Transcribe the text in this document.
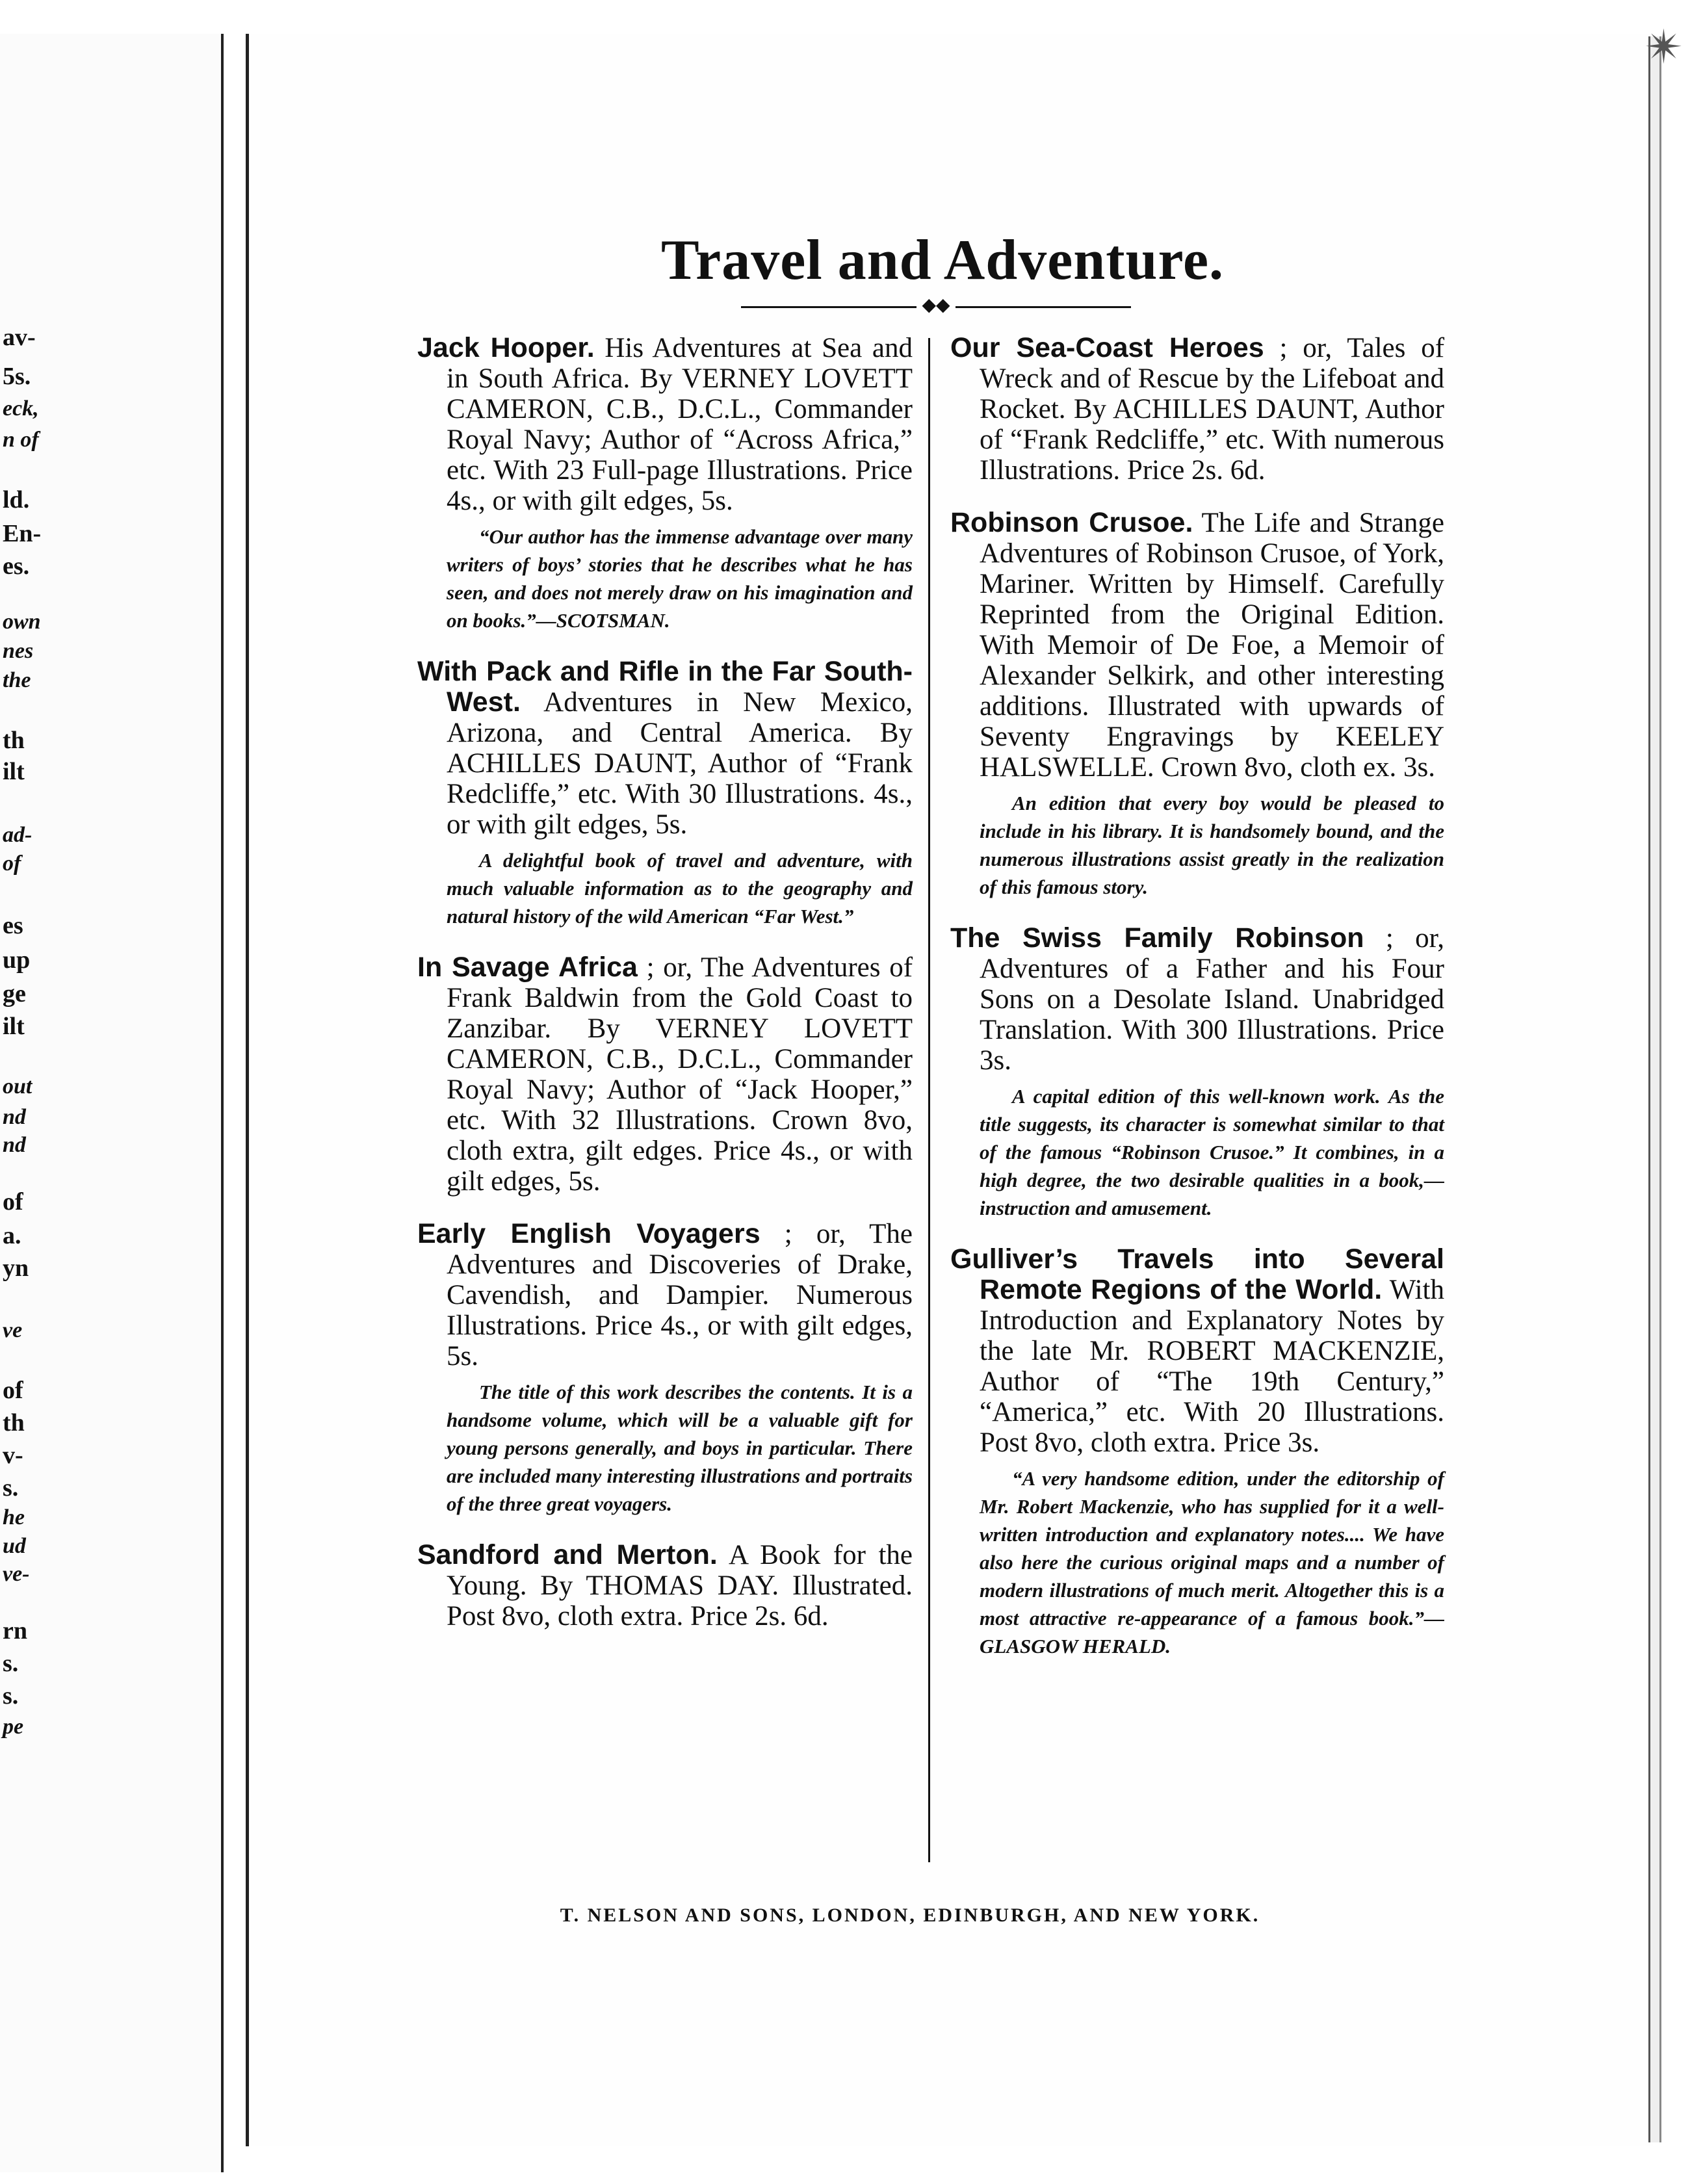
av-
5s.
eck,
n of
ld.
En-
es.
own
nes
the
th
ilt
ad-
of
es
up
ge
ilt
out
nd
nd
of
a.
yn
ve
of
th
v-
s.
he
ud
ve-
rn
s.
s.
pe
✴
Travel and Adventure.
◆◆
Jack Hooper. His Adventures at Sea and in South Africa. By VERNEY LOVETT CAMERON, C.B., D.C.L., Commander Royal Navy; Author of “Across Africa,” etc. With 23 Full-page Illustrations. Price 4s., or with gilt edges, 5s.
“Our author has the immense advantage over many writers of boys’ stories that he describes what he has seen, and does not merely draw on his imagination and on books.”—SCOTSMAN.
With Pack and Rifle in the Far South-West. Adventures in New Mexico, Arizona, and Central America. By ACHILLES DAUNT, Author of “Frank Redcliffe,” etc. With 30 Illustrations. 4s., or with gilt edges, 5s.
A delightful book of travel and adventure, with much valuable information as to the geography and natural history of the wild American “Far West.”
In Savage Africa ; or, The Adventures of Frank Baldwin from the Gold Coast to Zanzibar. By VERNEY LOVETT CAMERON, C.B., D.C.L., Commander Royal Navy; Author of “Jack Hooper,” etc. With 32 Illustrations. Crown 8vo, cloth extra, gilt edges. Price 4s., or with gilt edges, 5s.
Early English Voyagers ; or, The Adventures and Discoveries of Drake, Cavendish, and Dampier. Numerous Illustrations. Price 4s., or with gilt edges, 5s.
The title of this work describes the contents. It is a handsome volume, which will be a valuable gift for young persons generally, and boys in particular. There are included many interesting illustrations and portraits of the three great voyagers.
Sandford and Merton. A Book for the Young. By THOMAS DAY. Illustrated. Post 8vo, cloth extra. Price 2s. 6d.
Our Sea-Coast Heroes ; or, Tales of Wreck and of Rescue by the Lifeboat and Rocket. By ACHILLES DAUNT, Author of “Frank Redcliffe,” etc. With numerous Illustrations. Price 2s. 6d.
Robinson Crusoe. The Life and Strange Adventures of Robinson Crusoe, of York, Mariner. Written by Himself. Carefully Reprinted from the Original Edition. With Memoir of De Foe, a Memoir of Alexander Selkirk, and other interesting additions. Illustrated with upwards of Seventy Engravings by KEELEY HALSWELLE. Crown 8vo, cloth ex. 3s.
An edition that every boy would be pleased to include in his library. It is handsomely bound, and the numerous illustrations assist greatly in the realization of this famous story.
The Swiss Family Robinson ; or, Adventures of a Father and his Four Sons on a Desolate Island. Unabridged Translation. With 300 Illustrations. Price 3s.
A capital edition of this well-known work. As the title suggests, its character is somewhat similar to that of the famous “Robinson Crusoe.” It combines, in a high degree, the two desirable qualities in a book,—instruction and amusement.
Gulliver’s Travels into Several Remote Regions of the World. With Introduction and Explanatory Notes by the late Mr. ROBERT MACKENZIE, Author of “The 19th Century,” “America,” etc. With 20 Illustrations. Post 8vo, cloth extra. Price 3s.
“A very handsome edition, under the editorship of Mr. Robert Mackenzie, who has supplied for it a well-written introduction and explanatory notes.... We have also here the curious original maps and a number of modern illustrations of much merit. Altogether this is a most attractive re-appearance of a famous book.”—GLASGOW HERALD.
T. NELSON AND SONS, LONDON, EDINBURGH, AND NEW YORK.
